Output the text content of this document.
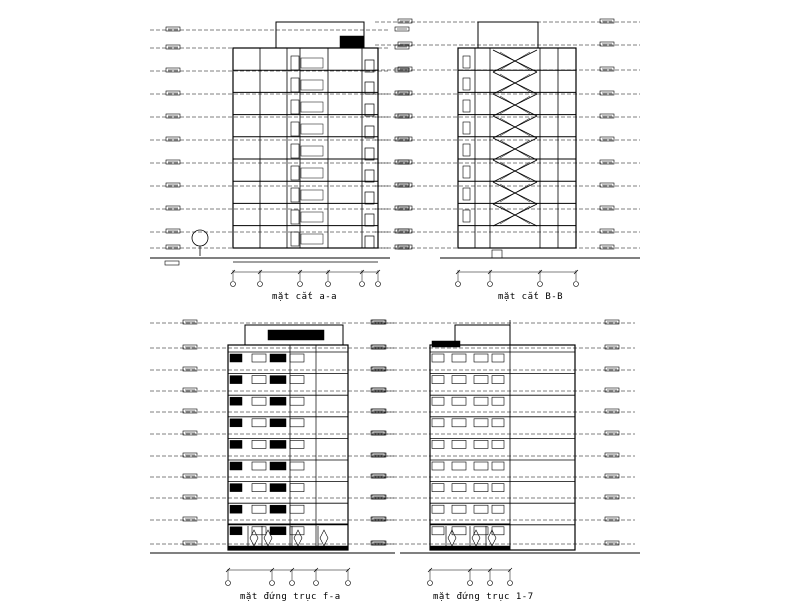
mặt cắt a-a	mặt cắt B-B
mặt đứng trục f-a	mặt đứng trục 1-7
